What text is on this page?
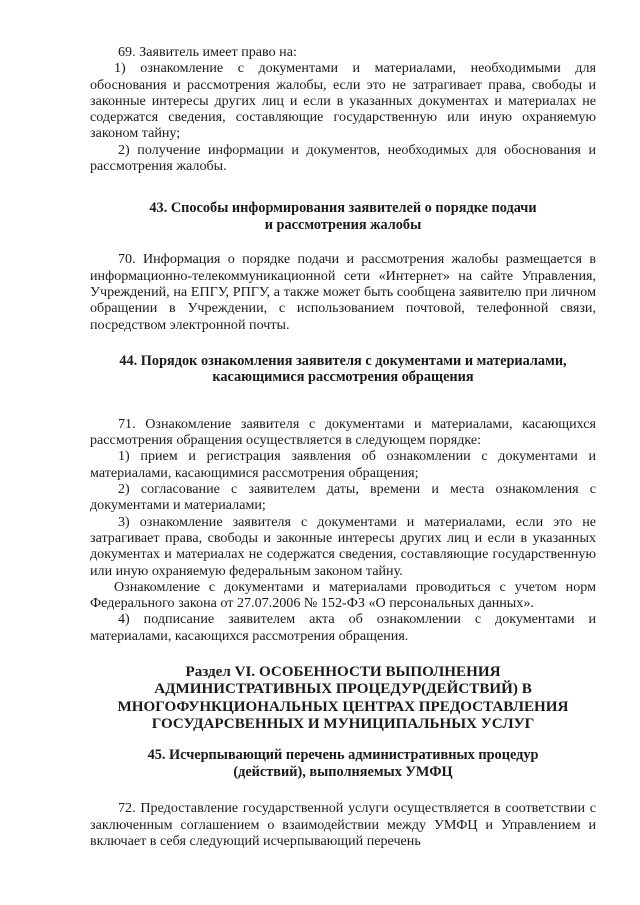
69. Заявитель имеет право на:

1) ознакомление с документами и материалами, необходимыми для обоснования и рассмотрения жалобы, если это не затрагивает права, свободы и законные интересы других лиц и если в указанных документах и материалах не содержатся сведения, составляющие государственную или иную охраняемую законом тайну;

2) получение информации и документов, необходимых для обоснования и рассмотрения жалобы.

43. Способы информирования заявителей о порядке подачи

и рассмотрения жалобы

70. Информация о порядке подачи и рассмотрения жалобы размещается в информационно-телекоммуникационной сети «Интернет» на сайте Управления, Учреждений, на ЕПГУ, РПГУ, а также может быть сообщена заявителю при личном обращении в Учреждении, с использованием почтовой, телефонной связи, посредством электронной почты.

44. Порядок ознакомления заявителя с документами и материалами,

касающимися рассмотрения обращения

71. Ознакомление заявителя с документами и материалами, касающихся рассмотрения обращения осуществляется в следующем порядке:

1) прием и регистрация заявления об ознакомлении с документами и материалами, касающимися рассмотрения обращения;

2) согласование с заявителем даты, времени и места ознакомления с документами и материалами;

3) ознакомление заявителя с документами и материалами, если это не затрагивает права, свободы и законные интересы других лиц и если в указанных документах и материалах не содержатся сведения, составляющие государственную или иную охраняемую федеральным законом тайну.

Ознакомление с документами и материалами проводиться с учетом норм Федерального закона от 27.07.2006 № 152-ФЗ «О персональных данных».

4) подписание заявителем акта об ознакомлении с документами и материалами, касающихся рассмотрения обращения.

Раздел VI. ОСОБЕННОСТИ ВЫПОЛНЕНИЯ

АДМИНИСТРАТИВНЫХ ПРОЦЕДУР(ДЕЙСТВИЙ) В

МНОГОФУНКЦИОНАЛЬНЫХ ЦЕНТРАХ ПРЕДОСТАВЛЕНИЯ

ГОСУДАРСВЕННЫХ И МУНИЦИПАЛЬНЫХ УСЛУГ

45. Исчерпывающий перечень административных процедур

(действий), выполняемых УМФЦ

72. Предоставление государственной услуги осуществляется в соответствии с заключенным соглашением о взаимодействии между УМФЦ и Управлением и включает в себя следующий исчерпывающий перечень
